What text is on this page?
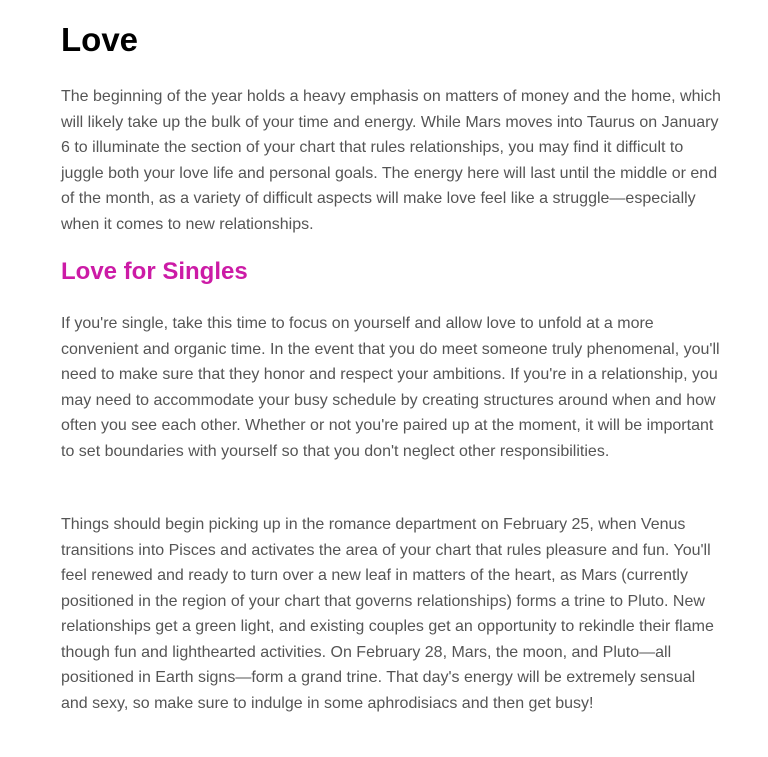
Love

The beginning of the year holds a heavy emphasis on matters of money and the home, which will likely take up the bulk of your time and energy. While Mars moves into Taurus on January 6 to illuminate the section of your chart that rules relationships, you may find it difficult to juggle both your love life and personal goals. The energy here will last until the middle or end of the month, as a variety of difficult aspects will make love feel like a struggle—especially when it comes to new relationships.

Love for Singles

If you're single, take this time to focus on yourself and allow love to unfold at a more convenient and organic time. In the event that you do meet someone truly phenomenal, you'll need to make sure that they honor and respect your ambitions. If you're in a relationship, you may need to accommodate your busy schedule by creating structures around when and how often you see each other. Whether or not you're paired up at the moment, it will be important to set boundaries with yourself so that you don't neglect other responsibilities.

Things should begin picking up in the romance department on February 25, when Venus transitions into Pisces and activates the area of your chart that rules pleasure and fun. You'll feel renewed and ready to turn over a new leaf in matters of the heart, as Mars (currently positioned in the region of your chart that governs relationships) forms a trine to Pluto. New relationships get a green light, and existing couples get an opportunity to rekindle their flame though fun and lighthearted activities. On February 28, Mars, the moon, and Pluto—all positioned in Earth signs—form a grand trine. That day's energy will be extremely sensual and sexy, so make sure to indulge in some aphrodisiacs and then get busy!
